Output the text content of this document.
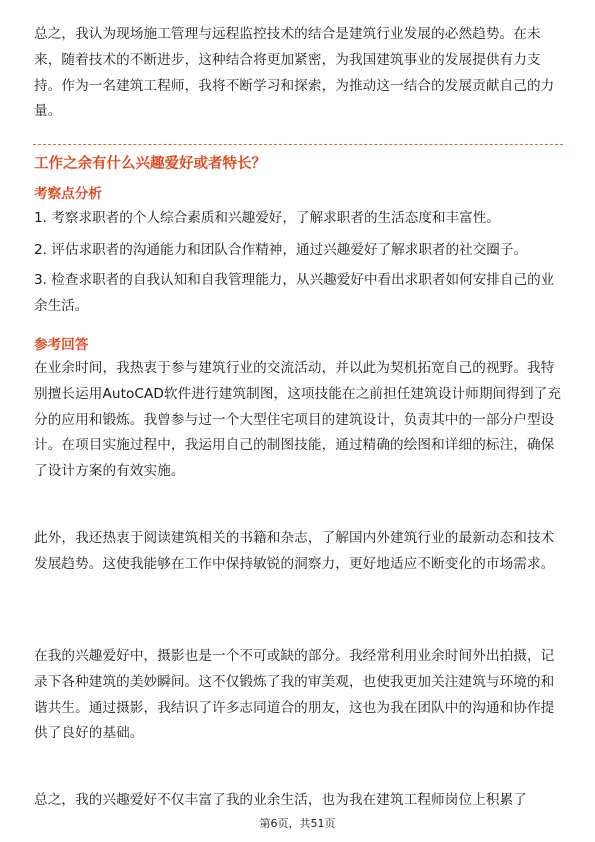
总之，我认为现场施工管理与远程监控技术的结合是建筑行业发展的必然趋势。在未来，随着技术的不断进步，这种结合将更加紧密，为我国建筑事业的发展提供有力支持。作为一名建筑工程师，我将不断学习和探索，为推动这一结合的发展贡献自己的力量。

工作之余有什么兴趣爱好或者特长？
考察点分析

1. 考察求职者的个人综合素质和兴趣爱好，了解求职者的生活态度和丰富性。

2. 评估求职者的沟通能力和团队合作精神，通过兴趣爱好了解求职者的社交圈子。

3. 检查求职者的自我认知和自我管理能力，从兴趣爱好中看出求职者如何安排自己的业余生活。

参考回答

在业余时间，我热衷于参与建筑行业的交流活动，并以此为契机拓宽自己的视野。我特别擅长运用AutoCAD软件进行建筑制图，这项技能在之前担任建筑设计师期间得到了充分的应用和锻炼。我曾参与过一个大型住宅项目的建筑设计，负责其中的一部分户型设计。在项目实施过程中，我运用自己的制图技能，通过精确的绘图和详细的标注，确保了设计方案的有效实施。

此外，我还热衷于阅读建筑相关的书籍和杂志，了解国内外建筑行业的最新动态和技术发展趋势。这使我能够在工作中保持敏锐的洞察力，更好地适应不断变化的市场需求。

在我的兴趣爱好中，摄影也是一个不可或缺的部分。我经常利用业余时间外出拍摄，记录下各种建筑的美妙瞬间。这不仅锻炼了我的审美观，也使我更加关注建筑与环境的和谐共生。通过摄影，我结识了许多志同道合的朋友，这也为我在团队中的沟通和协作提供了良好的基础。

总之，我的兴趣爱好不仅丰富了我的业余生活，也为我在建筑工程师岗位上积累了

第6页，共51页
